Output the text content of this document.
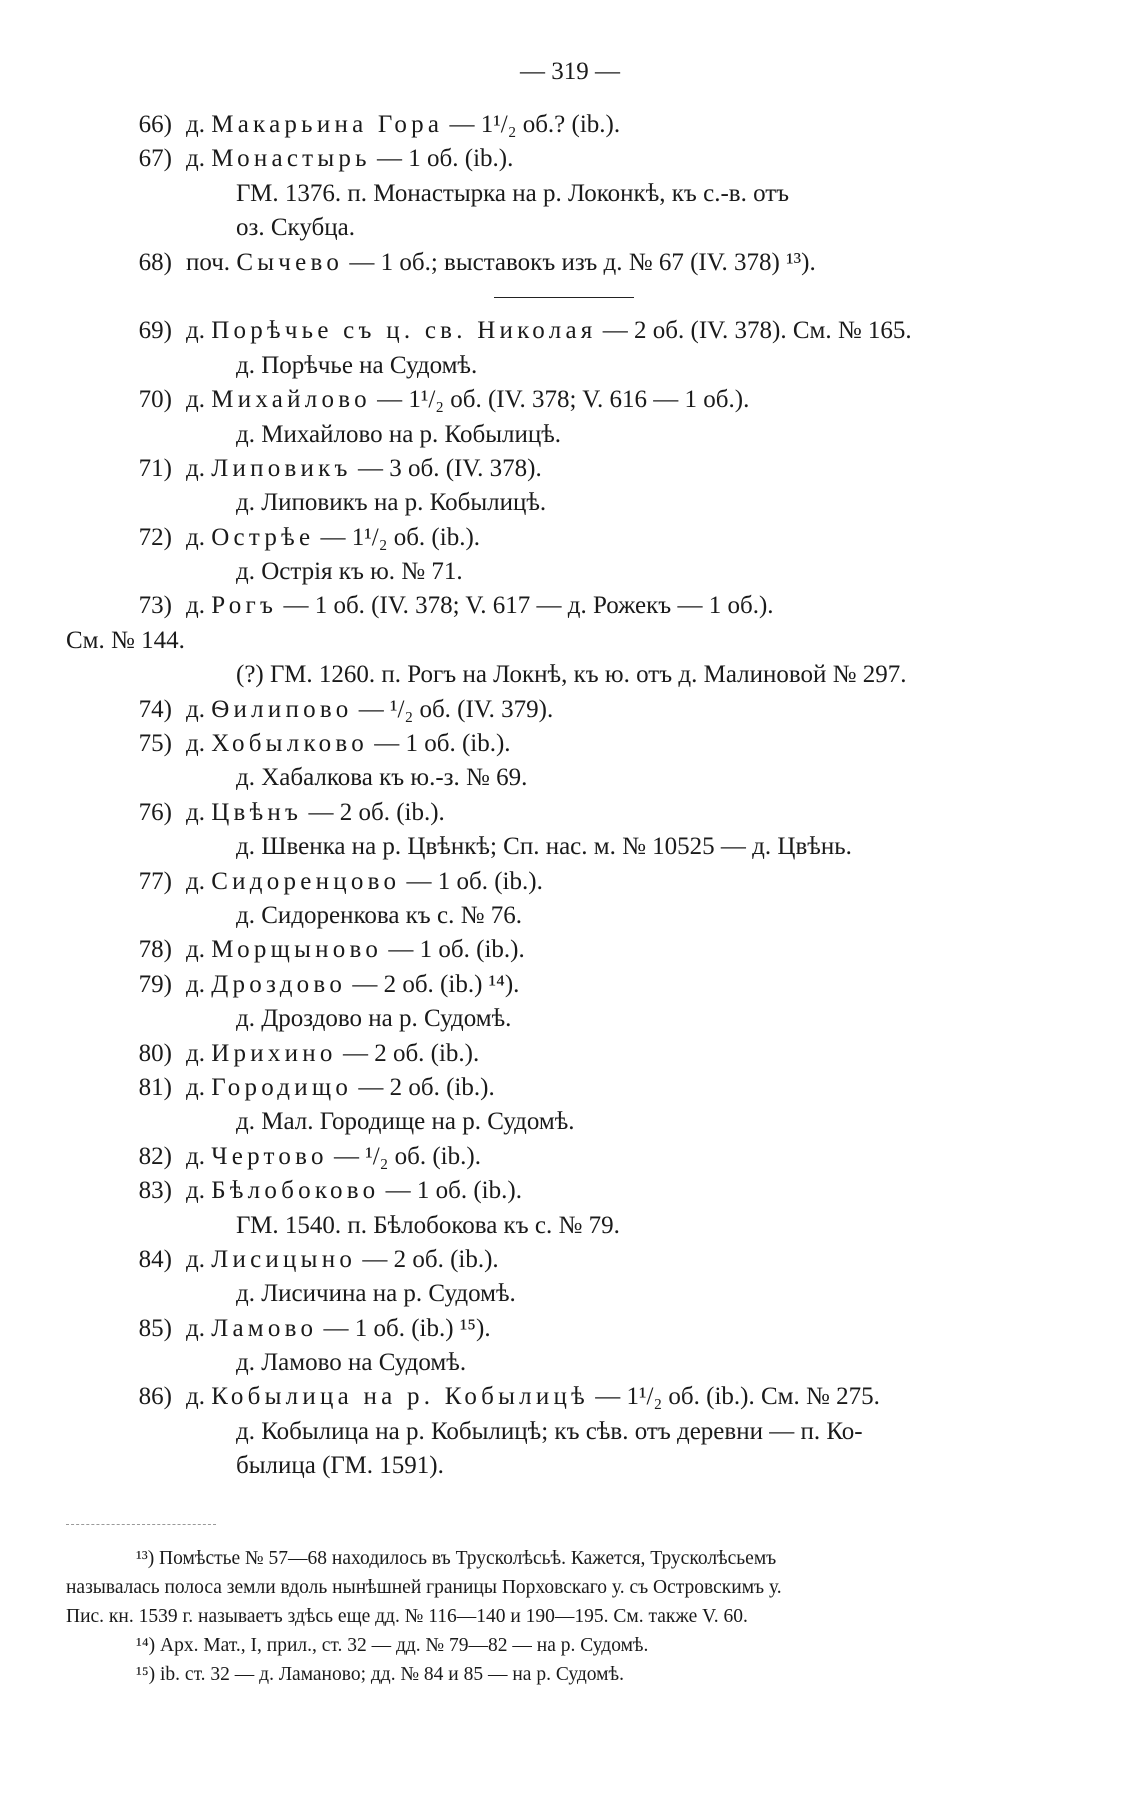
— 319 —
66) д. Макарьина Гора — 1¹/₂ об.? (ib.).
67) д. Монастырь — 1 об. (ib.).
ГМ. 1376. п. Монастырка на р. Локонкѣ, къ с.-в. отъ
оз. Скубца.
68) поч. Сычево — 1 об.; выставокъ изъ д. № 67 (IV. 378) ¹³).
69) д. Порѣчье съ ц. св. Николая — 2 об. (IV. 378). См. № 165.
д. Порѣчье на Судомѣ.
70) д. Михайлово — 1¹/₂ об. (IV. 378; V. 616 — 1 об.).
д. Михайлово на р. Кобылицѣ.
71) д. Липовикъ — 3 об. (IV. 378).
д. Липовикъ на р. Кобылицѣ.
72) д. Острѣе — 1¹/₂ об. (ib.).
д. Острія къ ю. № 71.
73) д. Рогъ — 1 об. (IV. 378; V. 617 — д. Рожекъ — 1 об.).
См. № 144.
(?) ГМ. 1260. п. Рогъ на Локнѣ, къ ю. отъ д. Малиновой № 297.
74) д. Ѳилипово — ¹/₂ об. (IV. 379).
75) д. Хобылково — 1 об. (ib.).
д. Хабалкова къ ю.-з. № 69.
76) д. Цвѣнъ — 2 об. (ib.).
д. Швенка на р. Цвѣнкѣ; Сп. нас. м. № 10525 — д. Цвѣнь.
77) д. Сидоренцово — 1 об. (ib.).
д. Сидоренкова къ с. № 76.
78) д. Морщыново — 1 об. (ib.).
79) д. Дроздово — 2 об. (ib.) ¹⁴).
д. Дроздово на р. Судомѣ.
80) д. Ирихино — 2 об. (ib.).
81) д. Городищо — 2 об. (ib.).
д. Мал. Городище на р. Судомѣ.
82) д. Чертово — ¹/₂ об. (ib.).
83) д. Бѣлобоково — 1 об. (ib.).
ГМ. 1540. п. Бѣлобокова къ с. № 79.
84) д. Лисицыно — 2 об. (ib.).
д. Лисичина на р. Судомѣ.
85) д. Ламово — 1 об. (ib.) ¹⁵).
д. Ламово на Судомѣ.
86) д. Кобылица на р. Кобылицѣ — 1¹/₂ об. (ib.). См. № 275.
д. Кобылица на р. Кобылицѣ; къ сѣв. отъ деревни — п. Ко-
былица (ГМ. 1591).
¹³) Помѣстье № 57—68 находилось въ Трусколѣсьѣ. Кажется, Трусколѣсьемъ
называлась полоса земли вдоль нынѣшней границы Порховскаго у. съ Островскимъ у.
Пис. кн. 1539 г. называетъ здѣсь еще дд. № 116—140 и 190—195. См. также V. 60.
¹⁴) Арх. Мат., I, прил., ст. 32 — дд. № 79—82 — на р. Судомѣ.
¹⁵) ib. ст. 32 — д. Ламаново; дд. № 84 и 85 — на р. Судомѣ.
